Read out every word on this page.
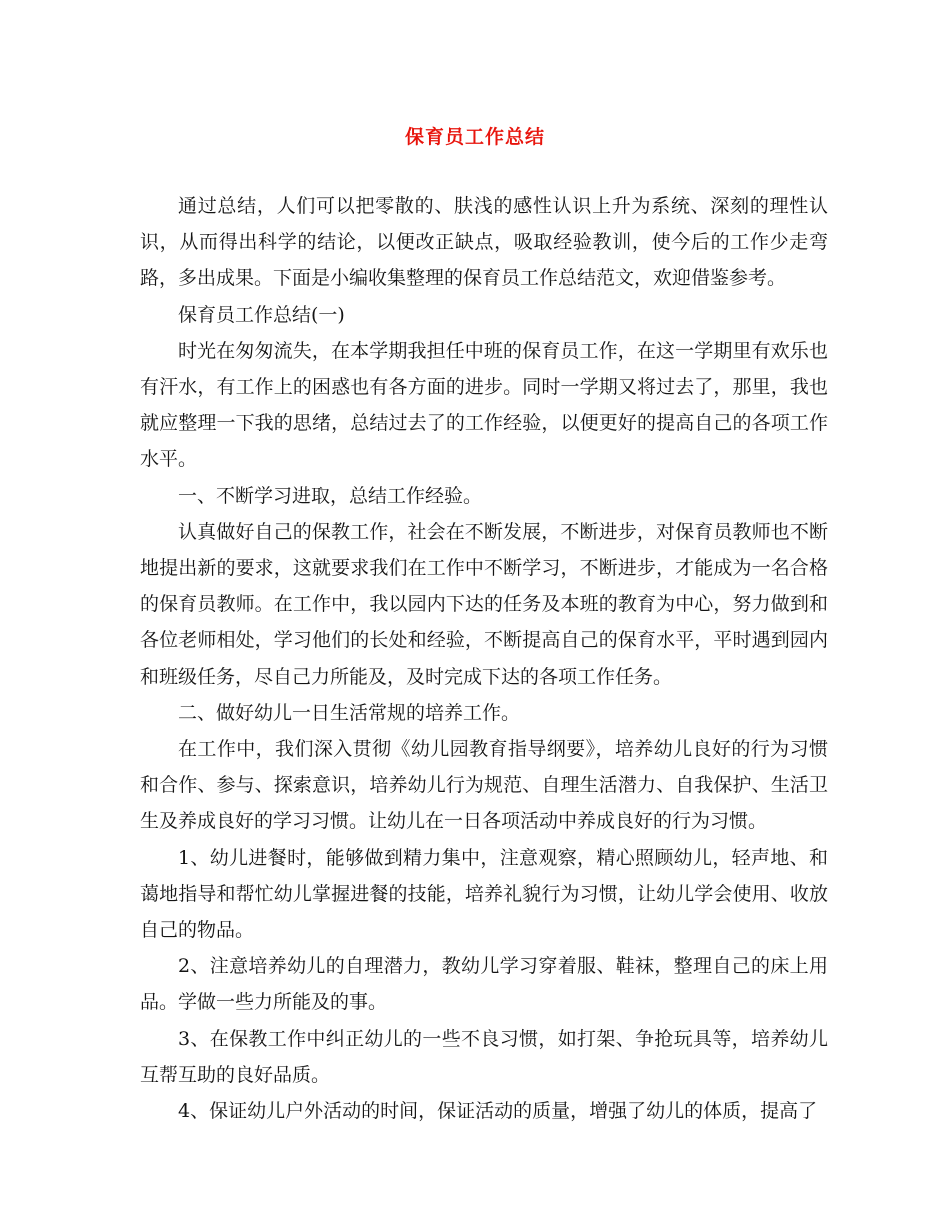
保育员工作总结

通过总结，人们可以把零散的、肤浅的感性认识上升为系统、深刻的理性认识，从而得出科学的结论，以便改正缺点，吸取经验教训，使今后的工作少走弯路，多出成果。下面是小编收集整理的保育员工作总结范文，欢迎借鉴参考。

保育员工作总结(一)

时光在匆匆流失，在本学期我担任中班的保育员工作，在这一学期里有欢乐也有汗水，有工作上的困惑也有各方面的进步。同时一学期又将过去了，那里，我也就应整理一下我的思绪，总结过去了的工作经验，以便更好的提高自己的各项工作水平。

一、不断学习进取，总结工作经验。

认真做好自己的保教工作，社会在不断发展，不断进步，对保育员教师也不断地提出新的要求，这就要求我们在工作中不断学习，不断进步，才能成为一名合格的保育员教师。在工作中，我以园内下达的任务及本班的教育为中心，努力做到和各位老师相处，学习他们的长处和经验，不断提高自己的保育水平，平时遇到园内和班级任务，尽自己力所能及，及时完成下达的各项工作任务。

二、做好幼儿一日生活常规的培养工作。

在工作中，我们深入贯彻《幼儿园教育指导纲要》，培养幼儿良好的行为习惯和合作、参与、探索意识，培养幼儿行为规范、自理生活潜力、自我保护、生活卫生及养成良好的学习习惯。让幼儿在一日各项活动中养成良好的行为习惯。

1、幼儿进餐时，能够做到精力集中，注意观察，精心照顾幼儿，轻声地、和蔼地指导和帮忙幼儿掌握进餐的技能，培养礼貌行为习惯，让幼儿学会使用、收放自己的物品。

2、注意培养幼儿的自理潜力，教幼儿学习穿着服、鞋袜，整理自己的床上用品。学做一些力所能及的事。

3、在保教工作中纠正幼儿的一些不良习惯，如打架、争抢玩具等，培养幼儿互帮互助的良好品质。

4、保证幼儿户外活动的时间，保证活动的质量，增强了幼儿的体质，提高了
